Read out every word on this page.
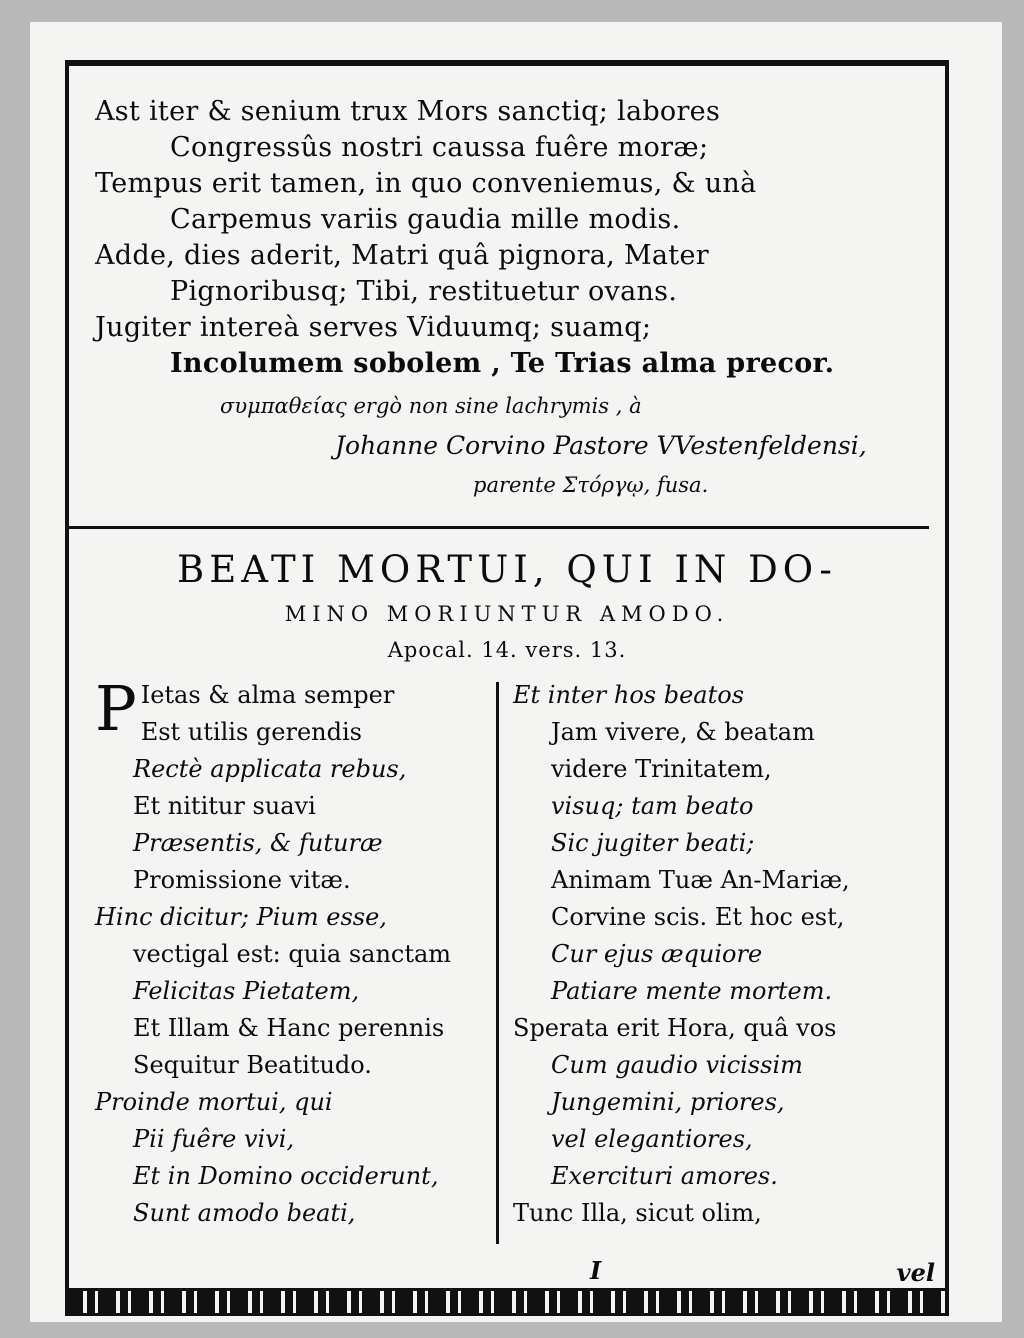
Ast iter & senium trux Mors sanctiq; labores
Congressûs nostri caussa fuêre moræ;
Tempus erit tamen, in quo conveniemus, & unà
Carpemus variis gaudia mille modis.
Adde, dies aderit, Matri quâ pignora, Mater
Pignoribusq; Tibi, restituetur ovans.
Jugiter intereà serves Viduumq; suamq;
Incolumem sobolem , Te Trias alma precor.
συμπαθείας ergò non sine lachrymis , à
Johanne Corvino Pastore VVestenfeldensi,
parente Στόργῳ, fusa.
BEATI MORTUI, QUI IN DO-
MINO MORIUNTUR AMODO.
Apocal. 14. vers. 13.
P Ietas & alma semper
Est utilis gerendis
Rectè applicata rebus,
Et nititur suavi
Præsentis, & futuræ
Promissione vitæ.
Hinc dicitur; Pium esse,
vectigal est: quia sanctam
Felicitas Pietatem,
Et Illam & Hanc perennis
Sequitur Beatitudo.
Proinde mortui, qui
Pii fuêre vivi,
Et in Domino occiderunt,
Sunt amodo beati,
Et inter hos beatos
Jam vivere, & beatam
videre Trinitatem,
visuq; tam beato
Sic jugiter beati;
Animam Tuæ An-Mariæ,
Corvine scis. Et hoc est,
Cur ejus æquiore
Patiare mente mortem.
Sperata erit Hora, quâ vos
Cum gaudio vicissim
Jungemini, priores,
vel elegantiores,
Exercituri amores.
Tunc Illa, sicut olim,
I	vel
